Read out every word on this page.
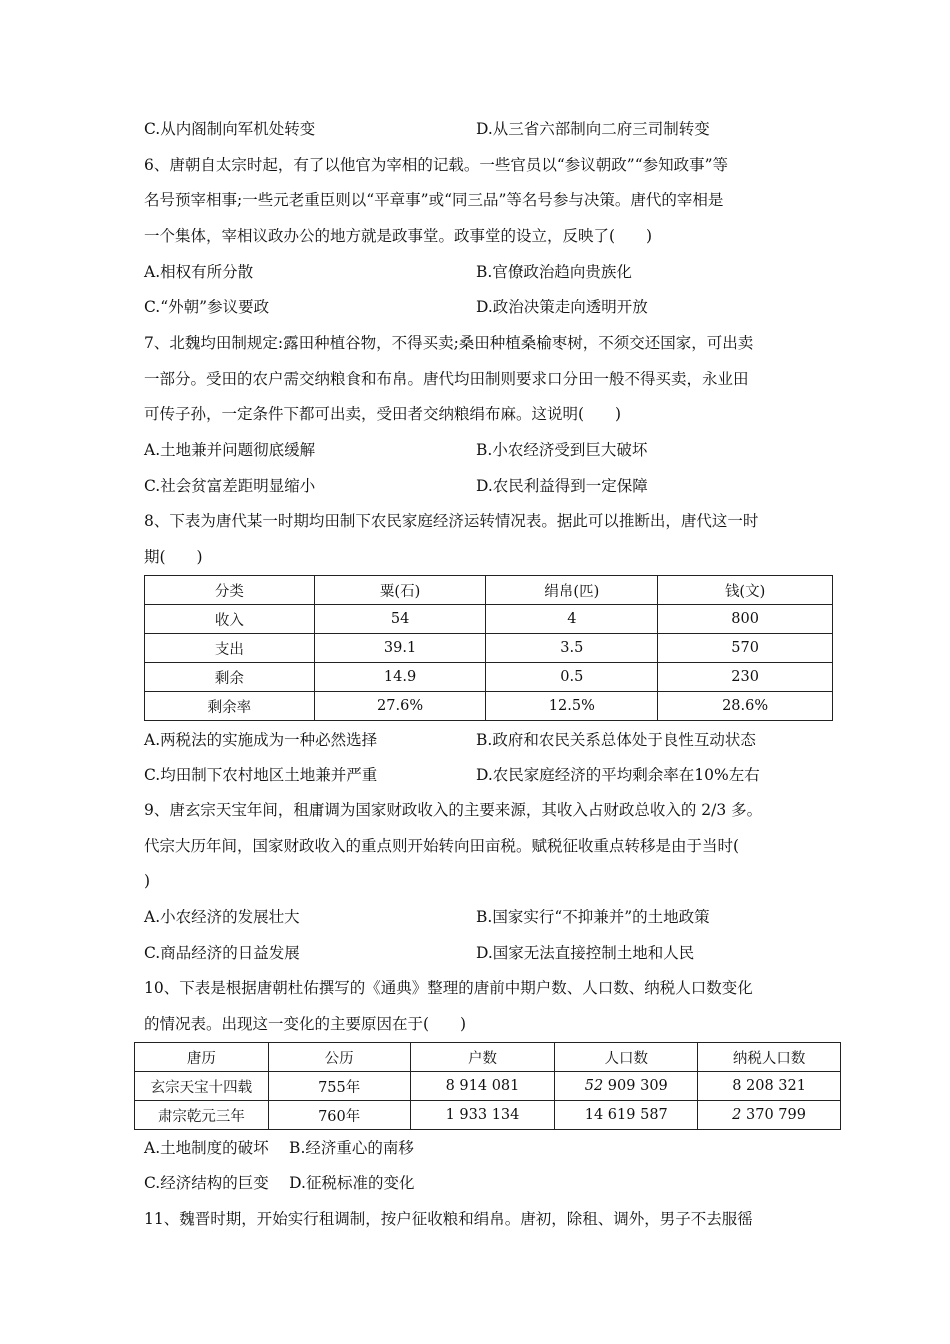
C.从内阁制向军机处转变	D.从三省六部制向二府三司制转变
6、唐朝自太宗时起，有了以他官为宰相的记载。一些官员以“参议朝政”“参知政事”等
名号预宰相事;一些元老重臣则以“平章事”或“同三品”等名号参与决策。唐代的宰相是
一个集体，宰相议政办公的地方就是政事堂。政事堂的设立，反映了(　　)
A.相权有所分散	B.官僚政治趋向贵族化
C.“外朝”参议要政	D.政治决策走向透明开放
7、北魏均田制规定:露田种植谷物，不得买卖;桑田种植桑榆枣树，不须交还国家，可出卖
一部分。受田的农户需交纳粮食和布帛。唐代均田制则要求口分田一般不得买卖，永业田
可传子孙，一定条件下都可出卖，受田者交纳粮绢布麻。这说明(　　)
A.土地兼并问题彻底缓解	B.小农经济受到巨大破坏
C.社会贫富差距明显缩小	D.农民利益得到一定保障
8、下表为唐代某一时期均田制下农民家庭经济运转情况表。据此可以推断出，唐代这一时
期(　　)
分类	粟(石)	绢帛(匹)	钱(文)
收入	54	4	800
支出	39.1	3.5	570
剩余	14.9	0.5	230
剩余率	27.6%	12.5%	28.6%
A.两税法的实施成为一种必然选择	B.政府和农民关系总体处于良性互动状态
C.均田制下农村地区土地兼并严重	D.农民家庭经济的平均剩余率在10%左右
9、唐玄宗天宝年间，租庸调为国家财政收入的主要来源，其收入占财政总收入的 2/3 多。
代宗大历年间，国家财政收入的重点则开始转向田亩税。赋税征收重点转移是由于当时(
)
A.小农经济的发展壮大	B.国家实行“不抑兼并”的土地政策
C.商品经济的日益发展	D.国家无法直接控制土地和人民
10、下表是根据唐朝杜佑撰写的《通典》整理的唐前中期户数、人口数、纳税人口数变化
的情况表。出现这一变化的主要原因在于(　　)
唐历	公历	户数	人口数	纳税人口数
玄宗天宝十四载	755年	8 914 081	52 909 309	8 208 321
肃宗乾元三年	760年	1 933 134	14 619 587	2 370 799
A.土地制度的破坏　 B.经济重心的南移
C.经济结构的巨变　 D.征税标准的变化
11、魏晋时期，开始实行租调制，按户征收粮和绢帛。唐初，除租、调外，男子不去服徭
